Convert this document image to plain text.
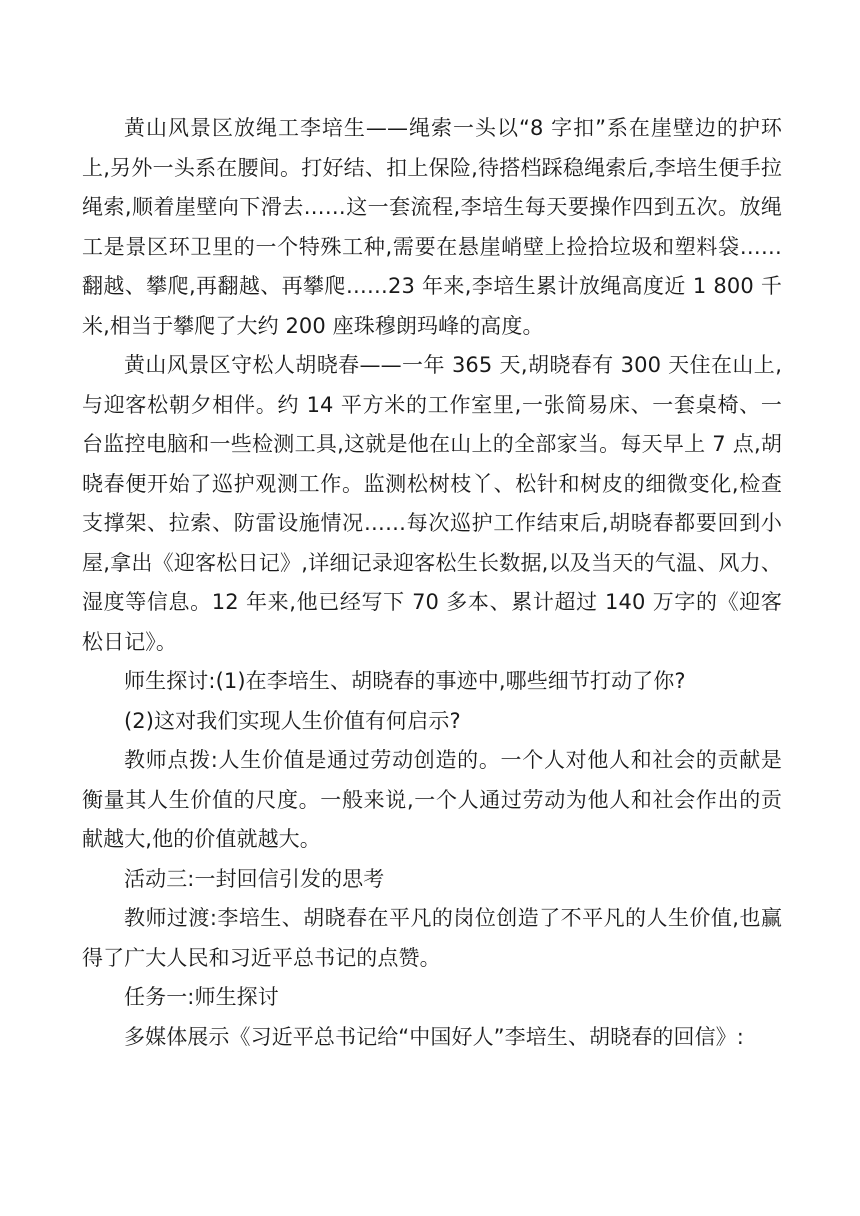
黄山风景区放绳工李培生——绳索一头以“8 字扣”系在崖壁边的护环上,另外一头系在腰间。打好结、扣上保险,待搭档踩稳绳索后,李培生便手拉绳索,顺着崖壁向下滑去……这一套流程,李培生每天要操作四到五次。放绳工是景区环卫里的一个特殊工种,需要在悬崖峭壁上捡拾垃圾和塑料袋……翻越、攀爬,再翻越、再攀爬……23 年来,李培生累计放绳高度近 1 800 千米,相当于攀爬了大约 200 座珠穆朗玛峰的高度。

黄山风景区守松人胡晓春——一年 365 天,胡晓春有 300 天住在山上,与迎客松朝夕相伴。约 14 平方米的工作室里,一张简易床、一套桌椅、一台监控电脑和一些检测工具,这就是他在山上的全部家当。每天早上 7 点,胡晓春便开始了巡护观测工作。监测松树枝丫、松针和树皮的细微变化,检查支撑架、拉索、防雷设施情况……每次巡护工作结束后,胡晓春都要回到小屋,拿出《迎客松日记》,详细记录迎客松生长数据,以及当天的气温、风力、湿度等信息。12 年来,他已经写下 70 多本、累计超过 140 万字的《迎客松日记》。

师生探讨:(1)在李培生、胡晓春的事迹中,哪些细节打动了你?

(2)这对我们实现人生价值有何启示?

教师点拨:人生价值是通过劳动创造的。一个人对他人和社会的贡献是衡量其人生价值的尺度。一般来说,一个人通过劳动为他人和社会作出的贡献越大,他的价值就越大。

活动三:一封回信引发的思考

教师过渡:李培生、胡晓春在平凡的岗位创造了不平凡的人生价值,也赢得了广大人民和习近平总书记的点赞。

任务一:师生探讨

多媒体展示《习近平总书记给“中国好人”李培生、胡晓春的回信》:
